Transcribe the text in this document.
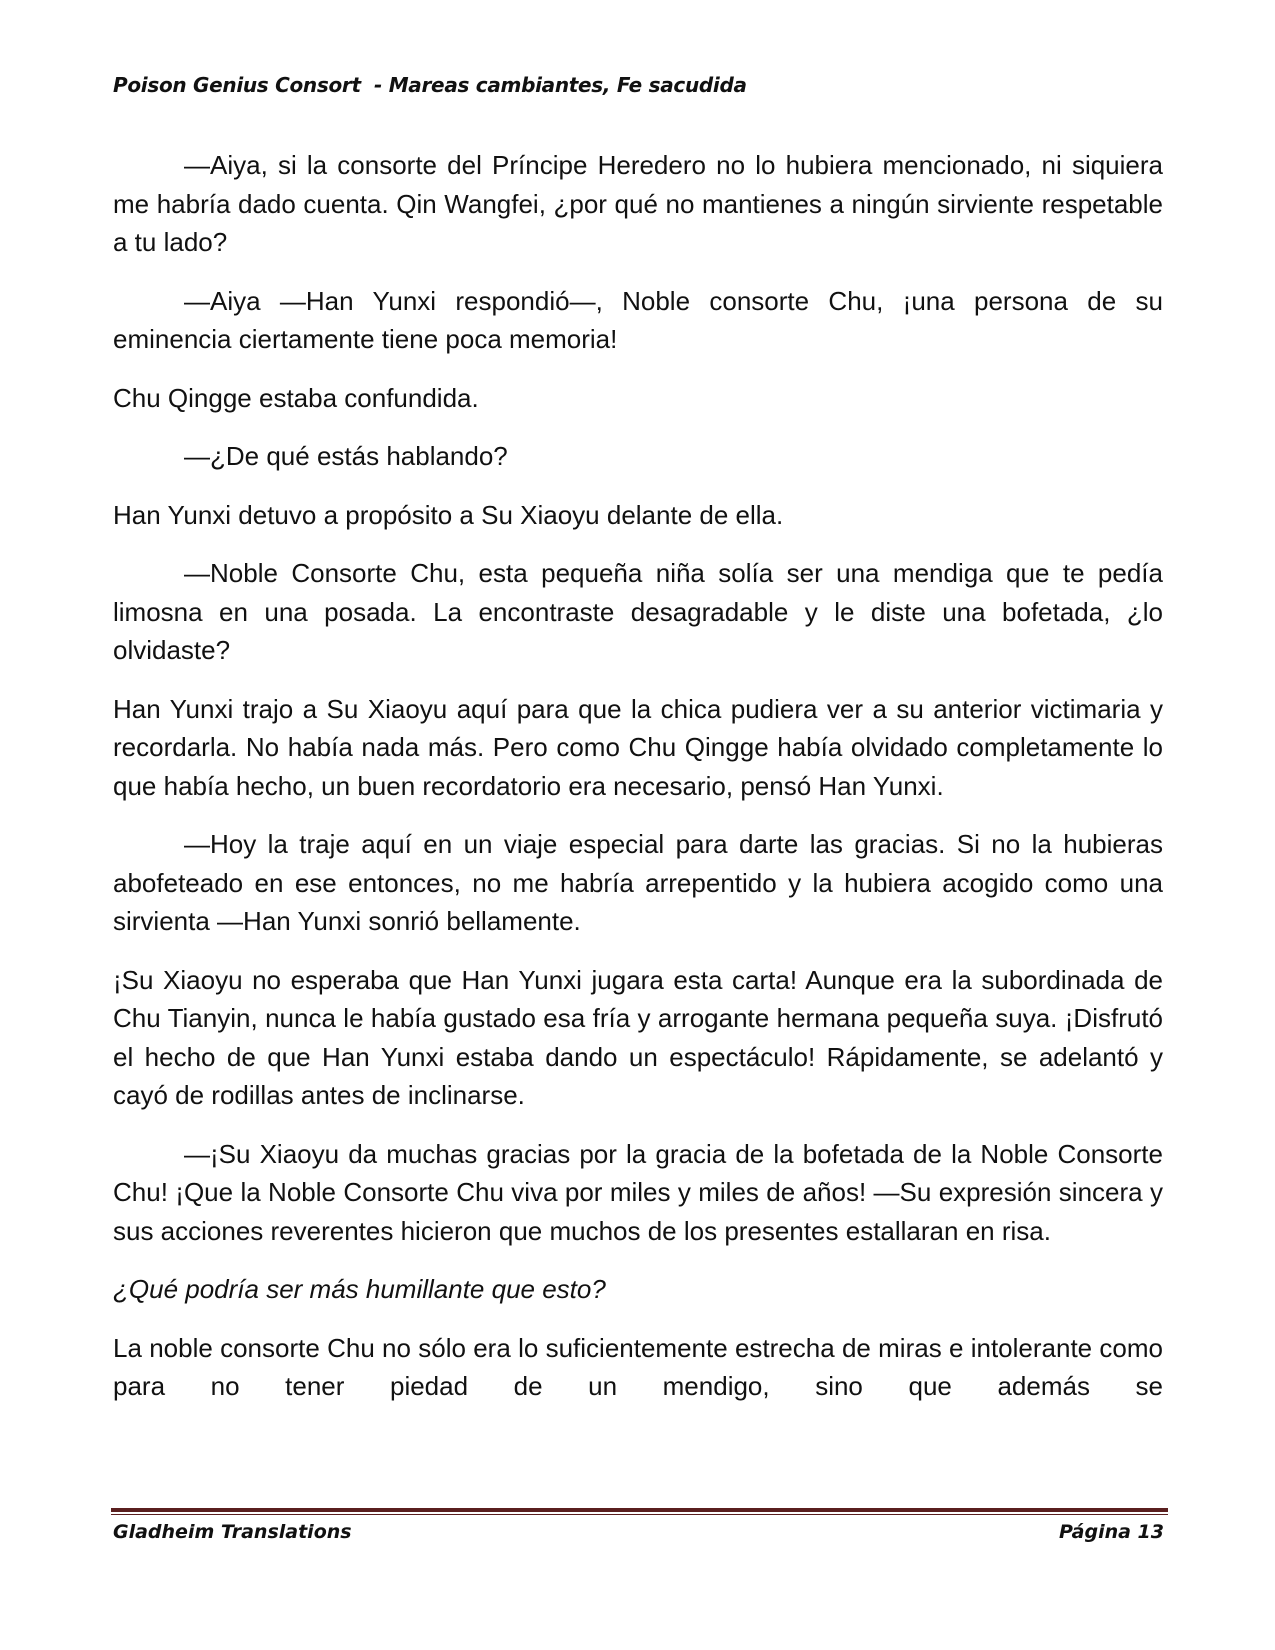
Poison Genius Consort  - Mareas cambiantes, Fe sacudida

—Aiya, si la consorte del Príncipe Heredero no lo hubiera mencionado, ni siquiera me habría dado cuenta. Qin Wangfei, ¿por qué no mantienes a ningún sirviente respetable a tu lado?

—Aiya —Han Yunxi respondió—, Noble consorte Chu, ¡una persona de su eminencia ciertamente tiene poca memoria!

Chu Qingge estaba confundida.

—¿De qué estás hablando?

Han Yunxi detuvo a propósito a Su Xiaoyu delante de ella.

—Noble Consorte Chu, esta pequeña niña solía ser una mendiga que te pedía limosna en una posada. La encontraste desagradable y le diste una bofetada, ¿lo olvidaste?

Han Yunxi trajo a Su Xiaoyu aquí para que la chica pudiera ver a su anterior victimaria y recordarla. No había nada más. Pero como Chu Qingge había olvidado completamente lo que había hecho, un buen recordatorio era necesario, pensó Han Yunxi.

—Hoy la traje aquí en un viaje especial para darte las gracias. Si no la hubieras abofeteado en ese entonces, no me habría arrepentido y la hubiera acogido como una sirvienta —Han Yunxi sonrió bellamente.

¡Su Xiaoyu no esperaba que Han Yunxi jugara esta carta! Aunque era la subordinada de Chu Tianyin, nunca le había gustado esa fría y arrogante hermana pequeña suya. ¡Disfrutó el hecho de que Han Yunxi estaba dando un espectáculo! Rápidamente, se adelantó y cayó de rodillas antes de inclinarse.

—¡Su Xiaoyu da muchas gracias por la gracia de la bofetada de la Noble Consorte Chu! ¡Que la Noble Consorte Chu viva por miles y miles de años! —Su expresión sincera y sus acciones reverentes hicieron que muchos de los presentes estallaran en risa.

¿Qué podría ser más humillante que esto?

La noble consorte Chu no sólo era lo suficientemente estrecha de miras e intolerante como para no tener piedad de un mendigo, sino que además se

Gladheim Translations	Página 13
